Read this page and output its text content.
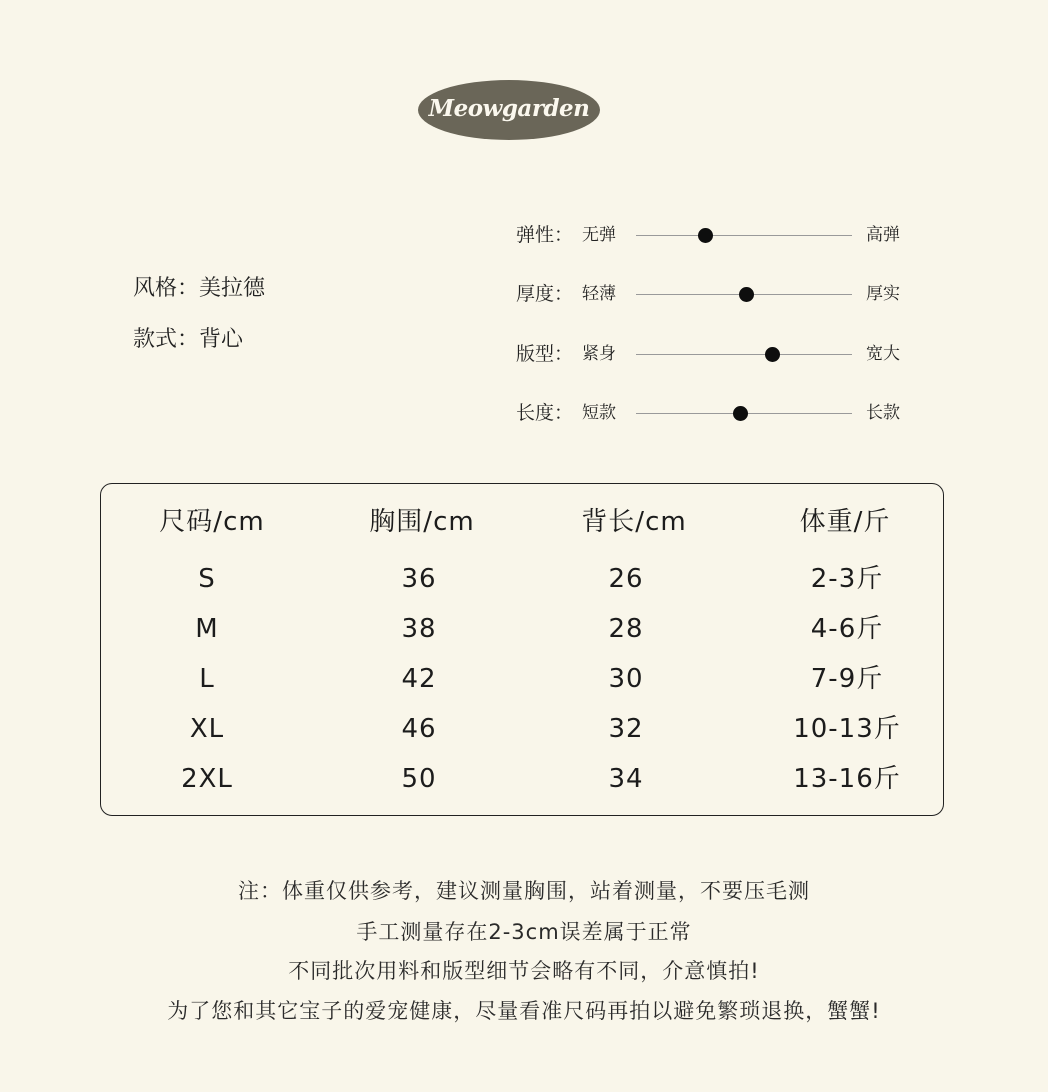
Meowgarden
风格：美拉德
款式：背心
弹性： 无弹	高弹
厚度： 轻薄	厚实
版型： 紧身	宽大
长度： 短款	长款
尺码/cm	胸围/cm	背长/cm	体重/斤
S	36	26	2-3斤
M	38	28	4-6斤
L	42	30	7-9斤
XL	46	32	10-13斤
2XL	50	34	13-16斤
注：体重仅供参考，建议测量胸围，站着测量，不要压毛测
手工测量存在2-3cm误差属于正常
不同批次用料和版型细节会略有不同，介意慎拍!
为了您和其它宝子的爱宠健康，尽量看准尺码再拍以避免繁琐退换，蟹蟹!
